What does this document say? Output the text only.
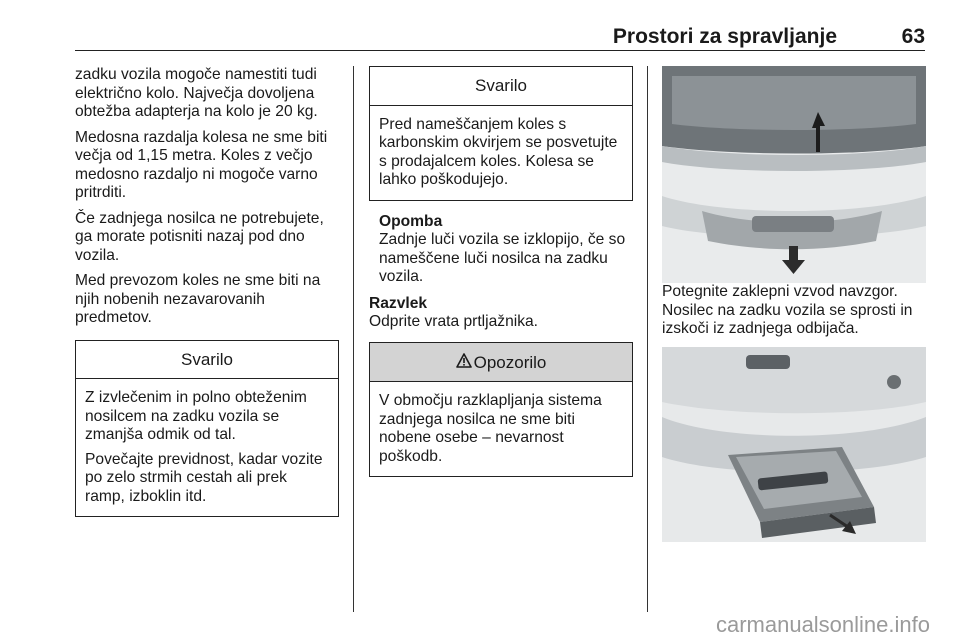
Prostori za spravljanje	63

zadku vozila mogoče namestiti tudi električno kolo. Največja dovoljena obtežba adapterja na kolo je 20 kg.

Medosna razdalja kolesa ne sme biti večja od 1,15 metra. Koles z večjo medosno razdaljo ni mogoče varno pritrditi.

Če zadnjega nosilca ne potrebujete, ga morate potisniti nazaj pod dno vozila.

Med prevozom koles ne sme biti na njih nobenih nezavarovanih predmetov.

Svarilo

Z izvlečenim in polno obteženim nosilcem na zadku vozila se zmanjša odmik od tal.

Povečajte previdnost, kadar vozite po zelo strmih cestah ali prek ramp, izboklin itd.

Svarilo

Pred nameščanjem koles s karbonskim okvirjem se posvetujte s prodajalcem koles. Kolesa se lahko poškodujejo.

Opomba
Zadnje luči vozila se izklopijo, če so nameščene luči nosilca na zadku vozila.
Razvlek

Odprite vrata prtljažnika.

Opozorilo

V območju razklapljanja sistema zadnjega nosilca ne sme biti nobene osebe – nevarnost poškodb.

Potegnite zaklepni vzvod navzgor. Nosilec na zadku vozila se sprosti in izskoči iz zadnjega odbijača.

carmanualsonline.info
